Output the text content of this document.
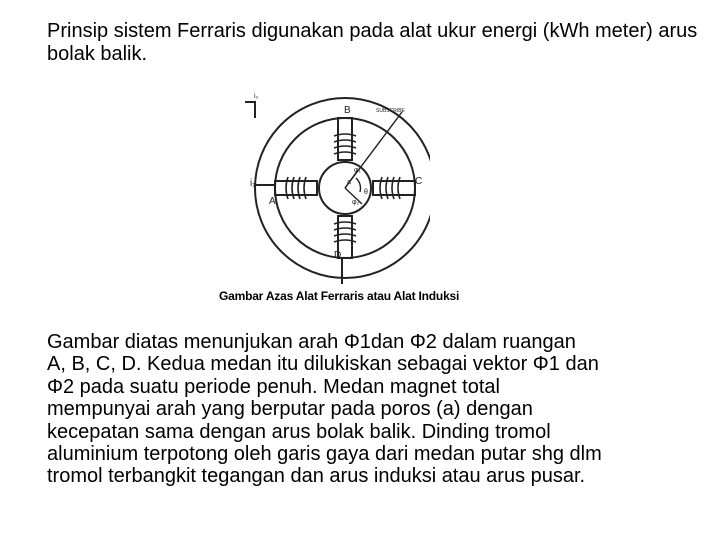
Prinsip sistem Ferraris digunakan pada alat ukur energi (kWh meter) arus bolak balik.

B
A
C
D
i₁
i₂
a
φ₁
φ₂
θ
SUBSCRIBE
Gambar Azas Alat Ferraris atau Alat Induksi
Gambar diatas menunjukan arah Φ1dan Φ2 dalam ruangan
A, B, C, D. Kedua medan itu dilukiskan sebagai vektor Φ1 dan
Φ2 pada suatu periode penuh. Medan magnet total
mempunyai arah yang berputar pada poros (a) dengan
kecepatan sama dengan arus bolak balik. Dinding tromol
aluminium terpotong oleh garis gaya dari medan putar shg dlm
tromol terbangkit tegangan dan arus induksi atau arus pusar.
